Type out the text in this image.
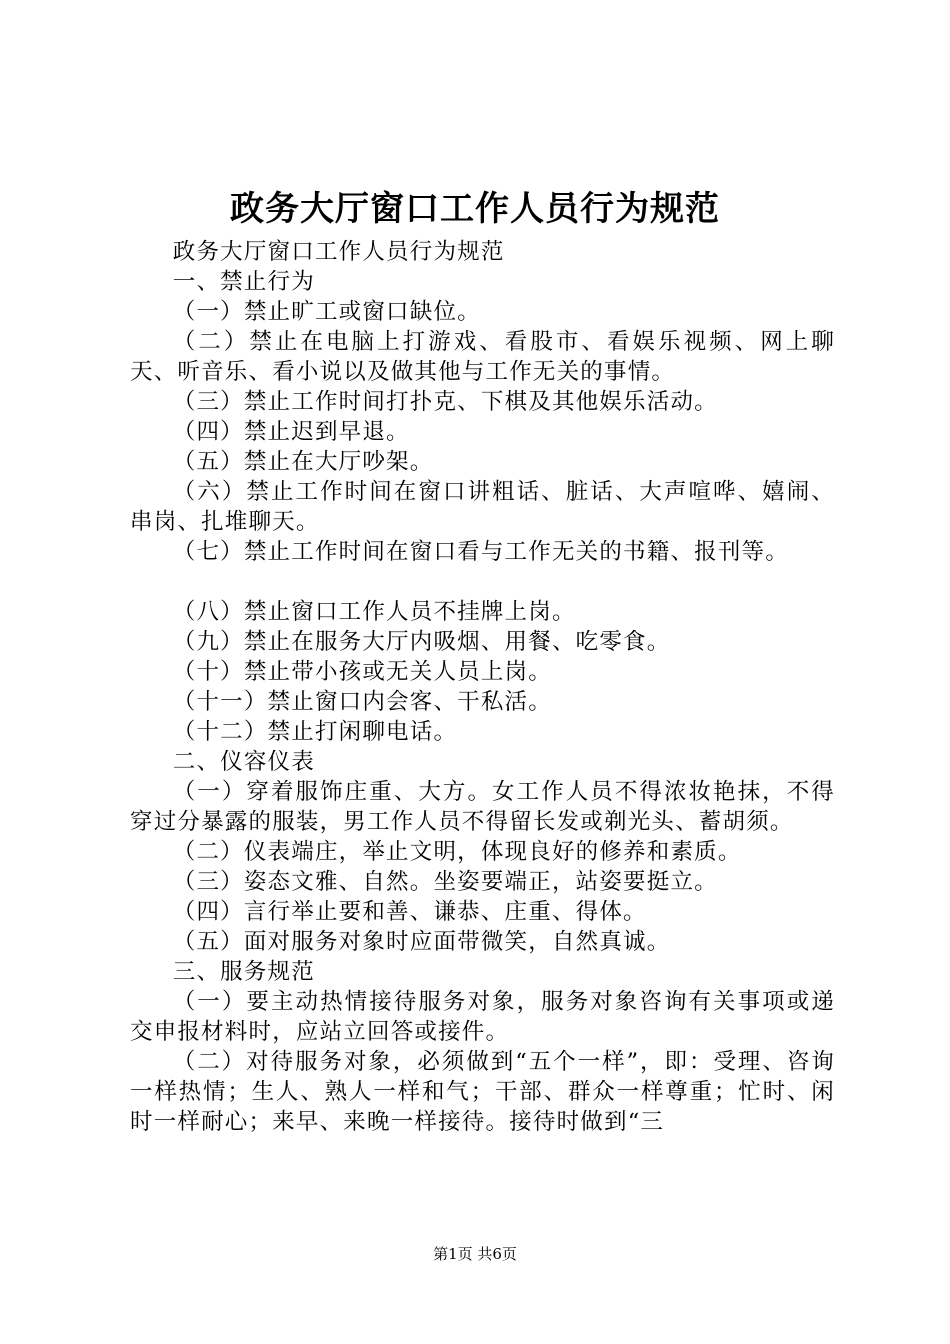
政务大厅窗口工作人员行为规范

政务大厅窗口工作人员行为规范

一、禁止行为

（一）禁止旷工或窗口缺位。

（二）禁止在电脑上打游戏、看股市、看娱乐视频、网上聊天、听音乐、看小说以及做其他与工作无关的事情。

（三）禁止工作时间打扑克、下棋及其他娱乐活动。

（四）禁止迟到早退。

（五）禁止在大厅吵架。

（六）禁止工作时间在窗口讲粗话、脏话、大声喧哗、嬉闹、串岗、扎堆聊天。

（七）禁止工作时间在窗口看与工作无关的书籍、报刊等。

（八）禁止窗口工作人员不挂牌上岗。

（九）禁止在服务大厅内吸烟、用餐、吃零食。

（十）禁止带小孩或无关人员上岗。

（十一）禁止窗口内会客、干私活。

（十二）禁止打闲聊电话。

二、仪容仪表

（一）穿着服饰庄重、大方。女工作人员不得浓妆艳抹，不得穿过分暴露的服装，男工作人员不得留长发或剃光头、蓄胡须。

（二）仪表端庄，举止文明，体现良好的修养和素质。

（三）姿态文雅、自然。坐姿要端正，站姿要挺立。

（四）言行举止要和善、谦恭、庄重、得体。

（五）面对服务对象时应面带微笑，自然真诚。

三、服务规范

（一）要主动热情接待服务对象，服务对象咨询有关事项或递交申报材料时，应站立回答或接件。

（二）对待服务对象，必须做到“五个一样”，即：受理、咨询一样热情；生人、熟人一样和气；干部、群众一样尊重；忙时、闲时一样耐心；来早、来晚一样接待。接待时做到“三

第1页 共6页
